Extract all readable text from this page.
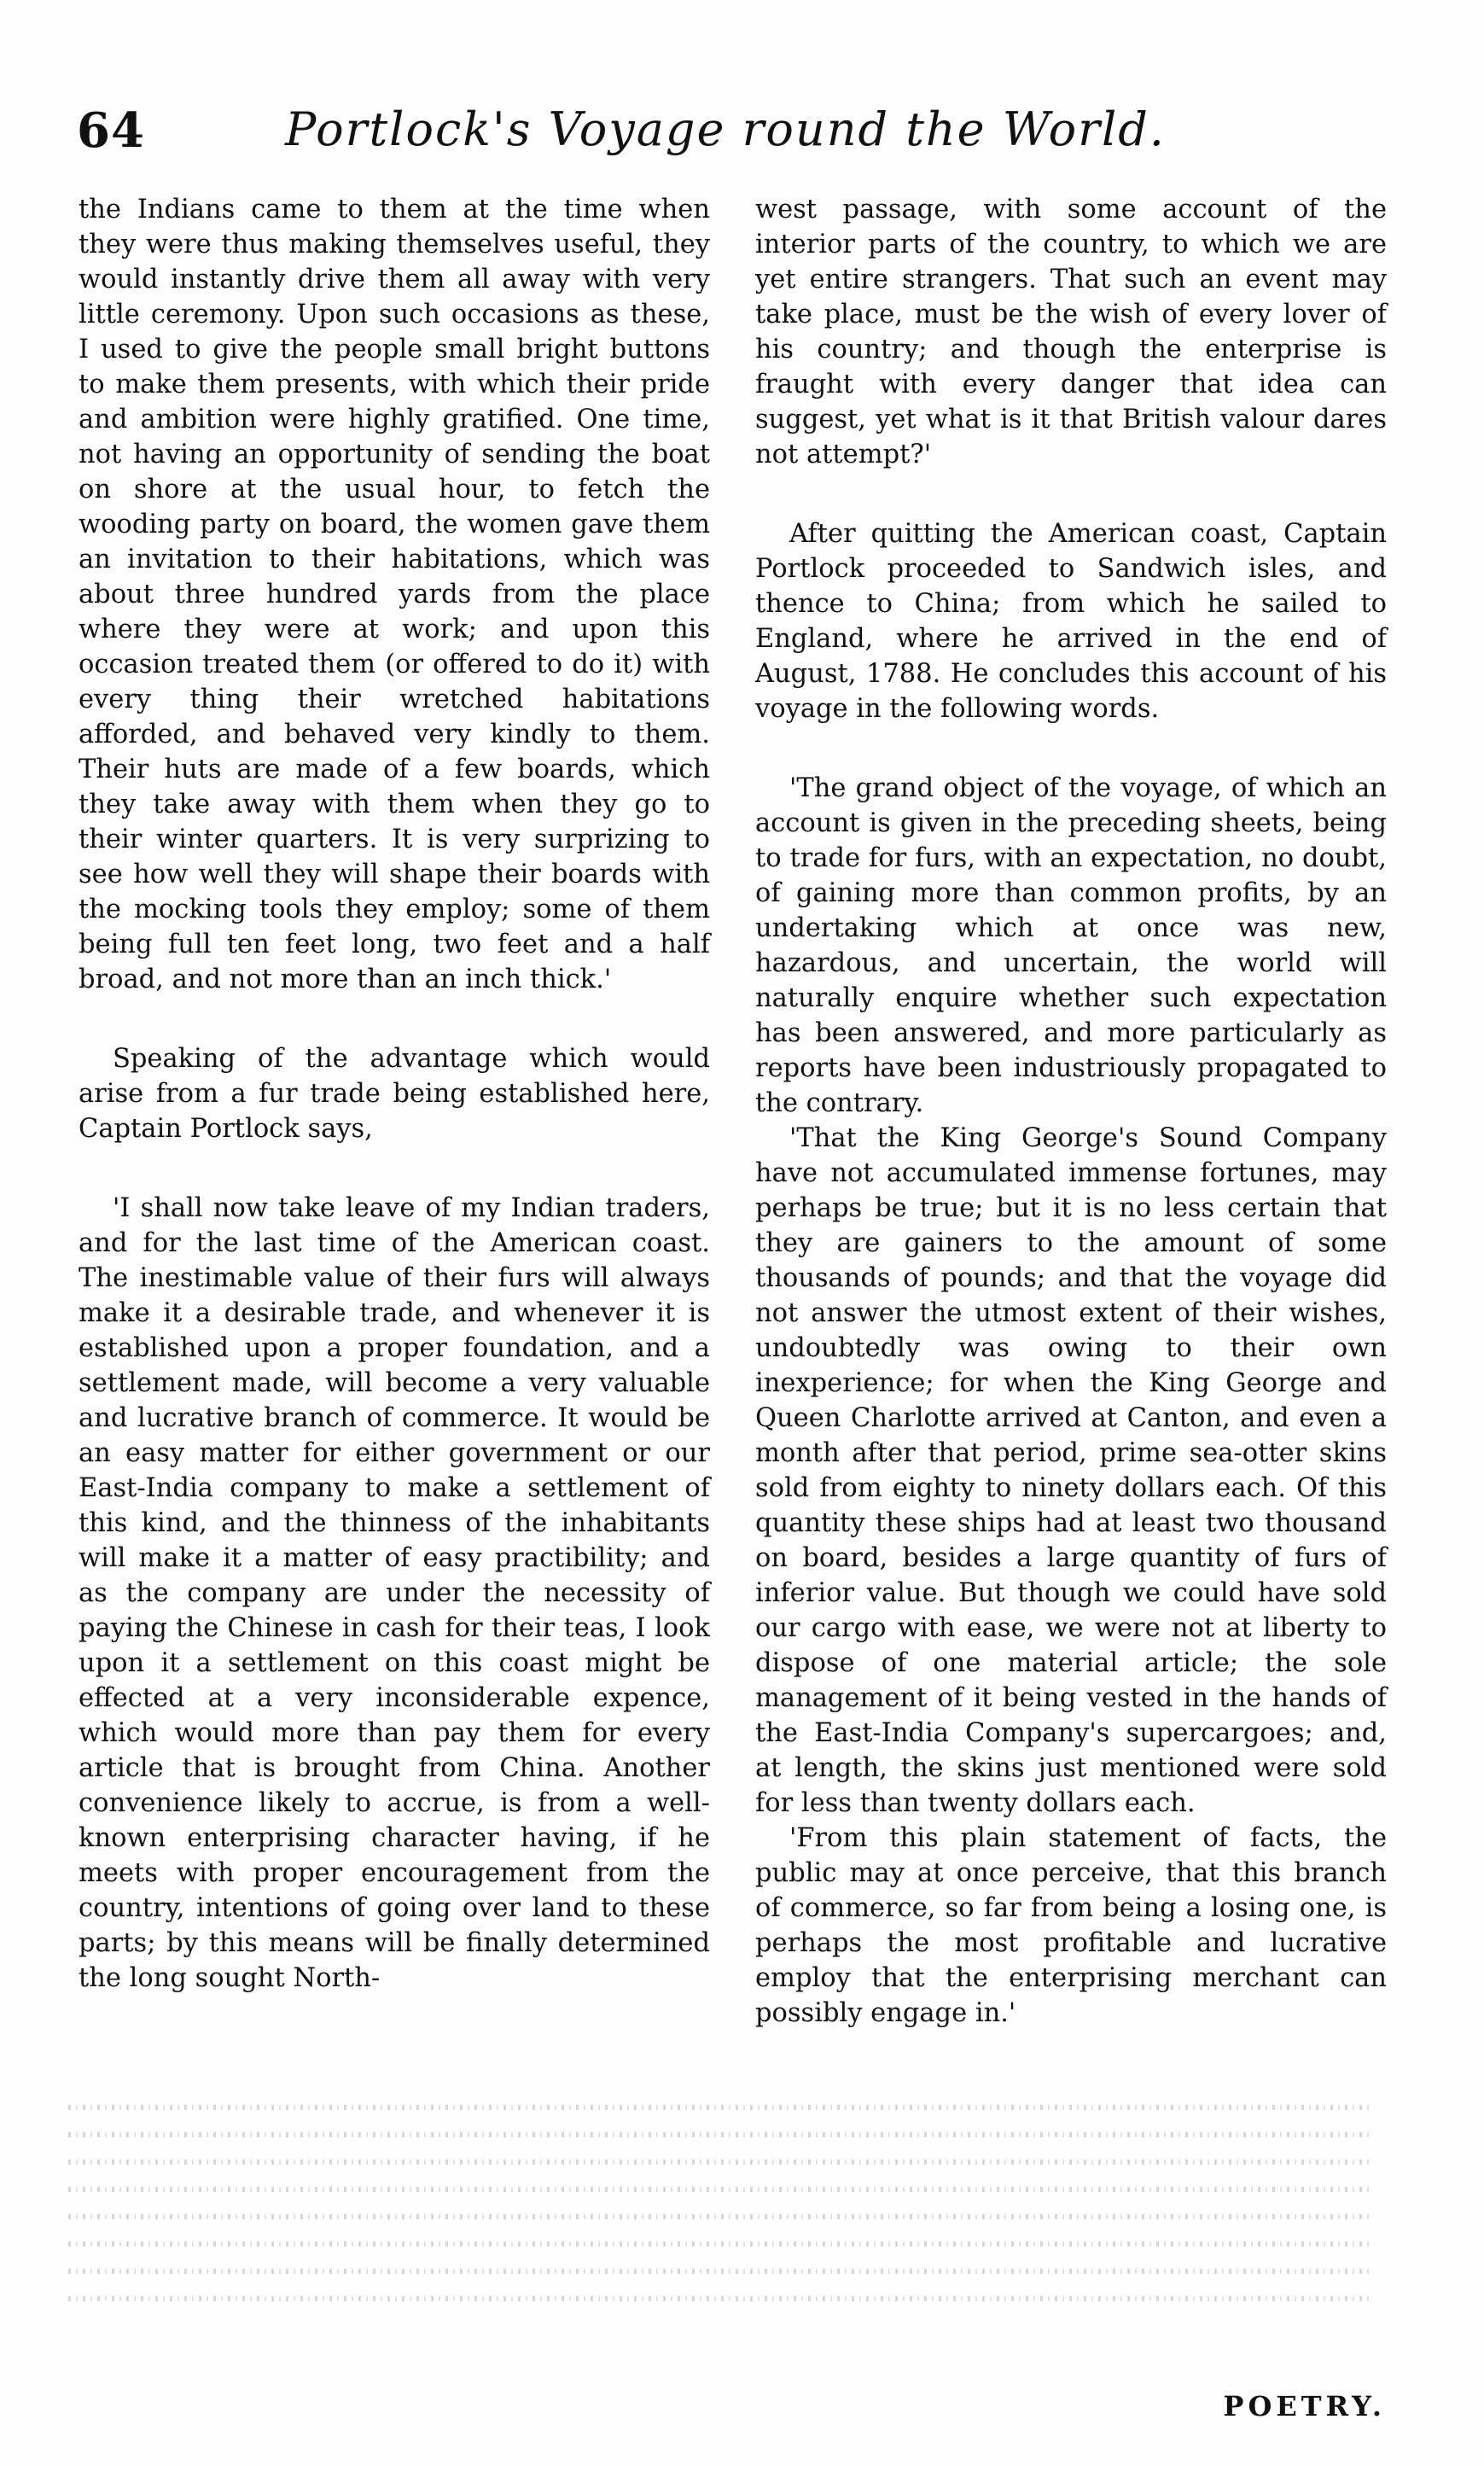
64	Portlock's Voyage round the World.

the Indians came to them at the time when they were thus making themselves useful, they would instantly drive them all away with very little ceremony. Upon such occasions as these, I used to give the people small bright buttons to make them presents, with which their pride and ambition were highly gratified. One time, not having an opportunity of sending the boat on shore at the usual hour, to fetch the wooding party on board, the women gave them an invitation to their habitations, which was about three hundred yards from the place where they were at work; and upon this occasion treated them (or offered to do it) with every thing their wretched habitations afforded, and behaved very kindly to them. Their huts are made of a few boards, which they take away with them when they go to their winter quarters. It is very surprizing to see how well they will shape their boards with the mocking tools they employ; some of them being full ten feet long, two feet and a half broad, and not more than an inch thick.'

Speaking of the advantage which would arise from a fur trade being established here, Captain Portlock says,

'I shall now take leave of my Indian traders, and for the last time of the American coast. The inestimable value of their furs will always make it a desirable trade, and whenever it is established upon a proper foundation, and a settlement made, will become a very valuable and lucrative branch of commerce. It would be an easy matter for either government or our East-India company to make a settlement of this kind, and the thinness of the inhabitants will make it a matter of easy practibility; and as the company are under the necessity of paying the Chinese in cash for their teas, I look upon it a settlement on this coast might be effected at a very inconsiderable expence, which would more than pay them for every article that is brought from China. Another convenience likely to accrue, is from a well-known enterprising character having, if he meets with proper encouragement from the country, intentions of going over land to these parts; by this means will be finally determined the long sought North-

west passage, with some account of the interior parts of the country, to which we are yet entire strangers. That such an event may take place, must be the wish of every lover of his country; and though the enterprise is fraught with every danger that idea can suggest, yet what is it that British valour dares not attempt?'

After quitting the American coast, Captain Portlock proceeded to Sandwich isles, and thence to China; from which he sailed to England, where he arrived in the end of August, 1788. He concludes this account of his voyage in the following words.

'The grand object of the voyage, of which an account is given in the preceding sheets, being to trade for furs, with an expectation, no doubt, of gaining more than common profits, by an undertaking which at once was new, hazardous, and uncertain, the world will naturally enquire whether such expectation has been answered, and more particularly as reports have been industriously propagated to the contrary.

'That the King George's Sound Company have not accumulated immense fortunes, may perhaps be true; but it is no less certain that they are gainers to the amount of some thousands of pounds; and that the voyage did not answer the utmost extent of their wishes, undoubtedly was owing to their own inexperience; for when the King George and Queen Charlotte arrived at Canton, and even a month after that period, prime sea-otter skins sold from eighty to ninety dollars each. Of this quantity these ships had at least two thousand on board, besides a large quantity of furs of inferior value. But though we could have sold our cargo with ease, we were not at liberty to dispose of one material article; the sole management of it being vested in the hands of the East-India Company's supercargoes; and, at length, the skins just mentioned were sold for less than twenty dollars each.

'From this plain statement of facts, the public may at once perceive, that this branch of commerce, so far from being a losing one, is perhaps the most profitable and lucrative employ that the enterprising merchant can possibly engage in.'

POETRY.
